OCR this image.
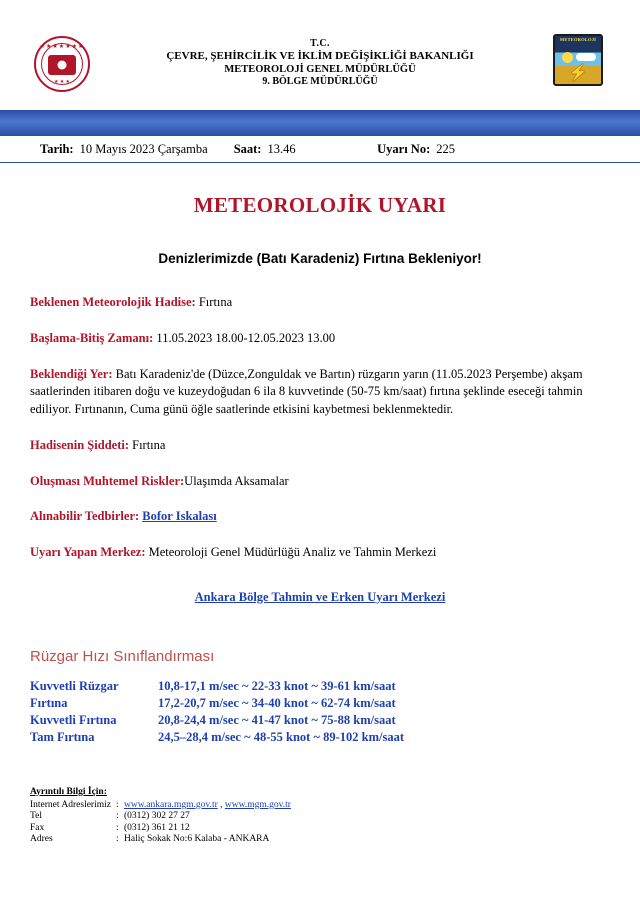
★★★★★★★
★ ★ ★
T.C.
ÇEVRE, ŞEHİRCİLİK VE İKLİM DEĞİŞİKLİĞİ BAKANLIĞI
METEOROLOJİ GENEL MÜDÜRLÜĞÜ
9. BÖLGE MÜDÜRLÜĞÜ
METEOROLOJİ
⚡
Tarih: 10 Mayıs 2023 Çarşamba Saat: 13.46	Uyarı No: 225
METEOROLOJİK UYARI
Denizlerimizde (Batı Karadeniz) Fırtına Bekleniyor!
Beklenen Meteorolojik Hadise: Fırtına
Başlama-Bitiş Zamanı: 11.05.2023 18.00-12.05.2023 13.00
Beklendiği Yer: Batı Karadeniz'de (Düzce,Zonguldak ve Bartın) rüzgarın yarın (11.05.2023 Perşembe) akşam saatlerinden itibaren doğu ve kuzeydoğudan 6 ila 8 kuvvetinde (50-75 km/saat) fırtına şeklinde eseceği tahmin ediliyor. Fırtınanın, Cuma günü öğle saatlerinde etkisini kaybetmesi beklenmektedir.
Hadisenin Şiddeti: Fırtına
Oluşması Muhtemel Riskler:Ulaşımda Aksamalar
Alınabilir Tedbirler: Bofor Iskalası
Uyarı Yapan Merkez: Meteoroloji Genel Müdürlüğü Analiz ve Tahmin Merkezi
Ankara Bölge Tahmin ve Erken Uyarı Merkezi
Rüzgar Hızı Sınıflandırması
Kuvvetli Rüzgar	10,8-17,1 m/sec ~ 22-33 knot ~ 39-61 km/saat
Fırtına	17,2-20,7 m/sec ~ 34-40 knot ~ 62-74 km/saat
Kuvvetli Fırtına	20,8-24,4 m/sec ~ 41-47 knot ~ 75-88 km/saat
Tam Fırtına	24,5–28,4 m/sec ~ 48-55 knot ~ 89-102 km/saat
Ayrıntılı Bilgi İçin:
Internet Adreslerimiz	:	www.ankara.mgm.gov.tr , www.mgm.gov.tr
Tel	:	(0312) 302 27 27
Fax	:	(0312) 361 21 12
Adres	:	Haliç Sokak No:6 Kalaba - ANKARA
